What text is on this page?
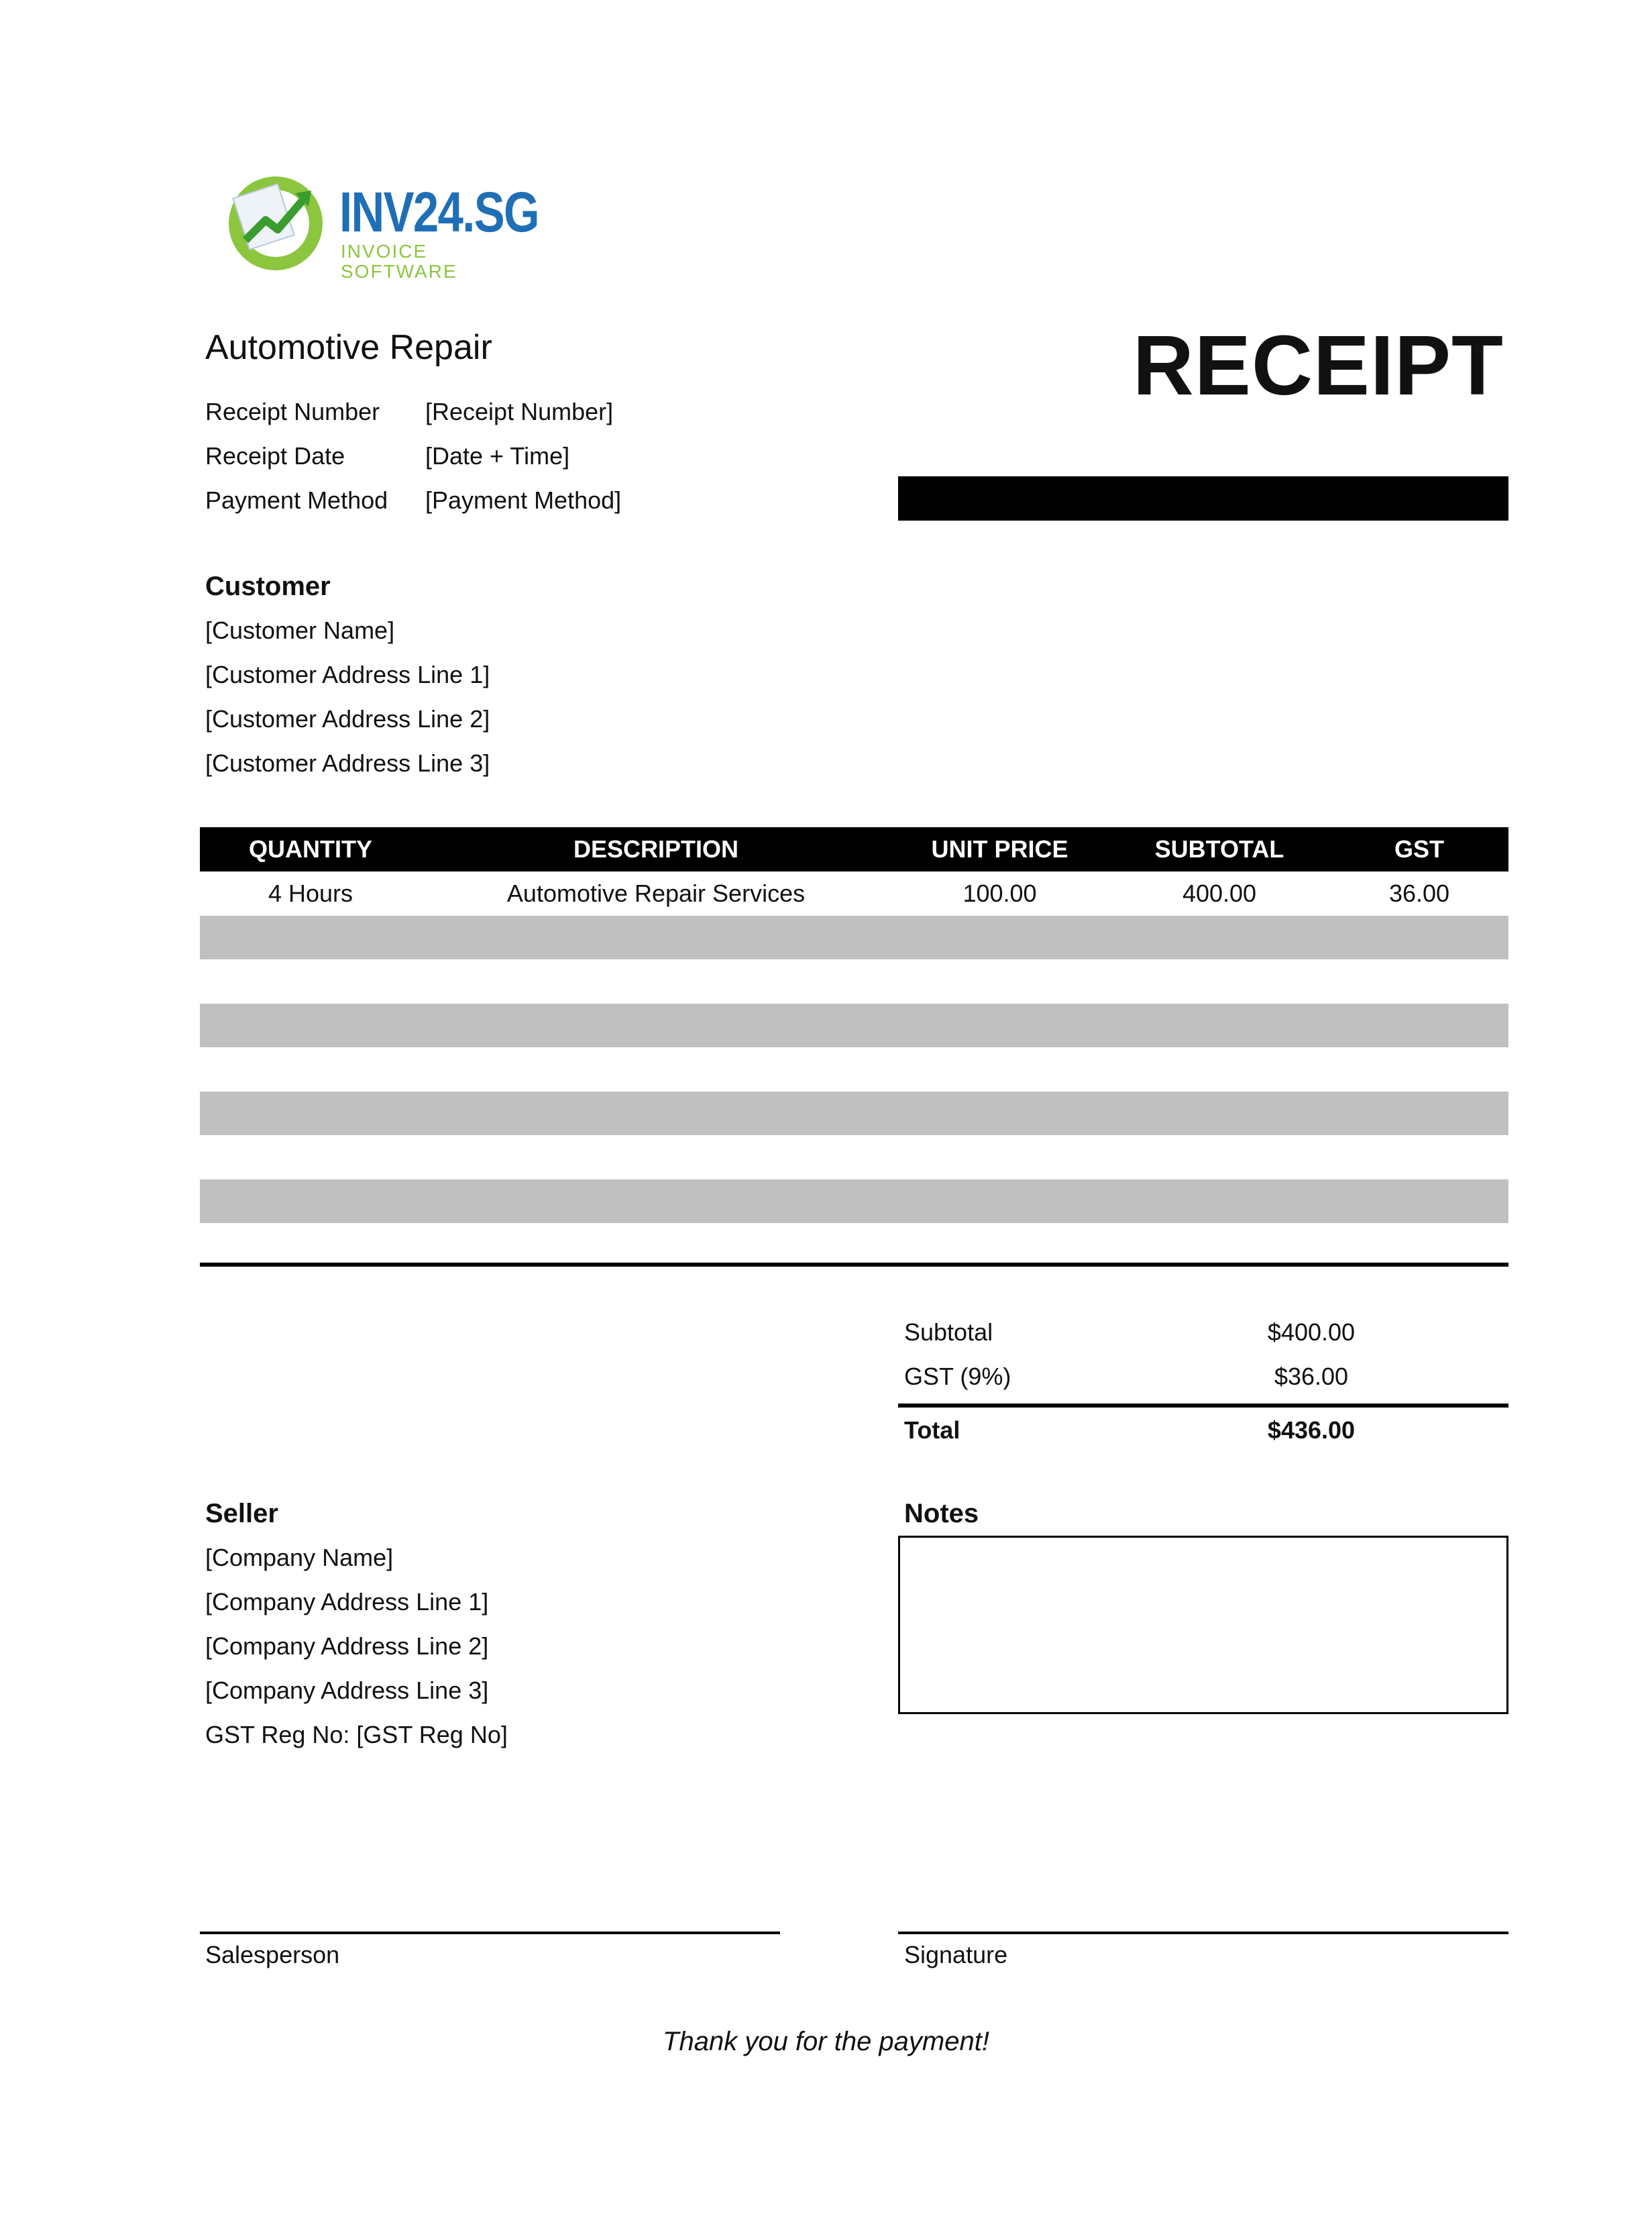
INV24.SG
INVOICE SOFTWARE
Automotive Repair	RECEIPT
Receipt Number [Receipt Number]
Receipt Date	[Date + Time]
Payment Method [Payment Method]
Customer
[Customer Name]
[Customer Address Line 1]
[Customer Address Line 2]
[Customer Address Line 3]
QUANTITY	DESCRIPTION	UNIT PRICE	SUBTOTAL	GST
4 Hours	Automotive Repair Services	100.00	400.00	36.00
Subtotal	$400.00
GST (9%)	$36.00
Total	$436.00
Seller
[Company Name]
[Company Address Line 1]
[Company Address Line 2]
[Company Address Line 3]
GST Reg No: [GST Reg No]
Notes
Salesperson	Signature
Thank you for the payment!
